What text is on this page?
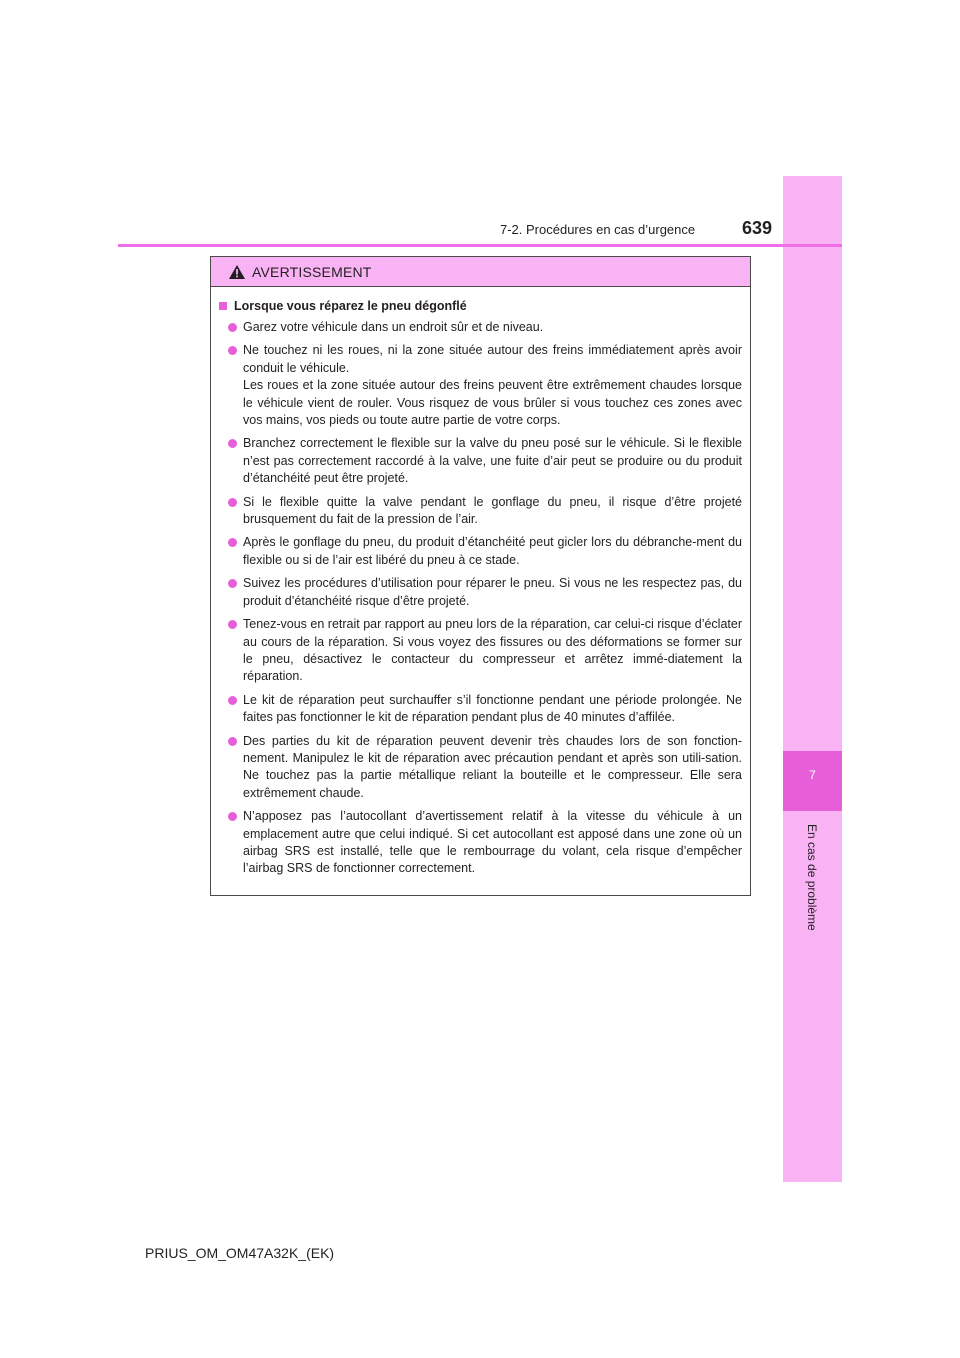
7
En cas de problème
7-2. Procédures en cas d’urgence	639
AVERTISSEMENT
Lorsque vous réparez le pneu dégonflé

Garez votre véhicule dans un endroit sûr et de niveau.

Ne touchez ni les roues, ni la zone située autour des freins immédiatement après avoir conduit le véhicule.

Les roues et la zone située autour des freins peuvent être extrêmement chaudes lorsque le véhicule vient de rouler. Vous risquez de vous brûler si vous touchez ces zones avec vos mains, vos pieds ou toute autre partie de votre corps.

Branchez correctement le flexible sur la valve du pneu posé sur le véhicule. Si le flexible n’est pas correctement raccordé à la valve, une fuite d’air peut se produire ou du produit d’étanchéité peut être projeté.

Si le flexible quitte la valve pendant le gonflage du pneu, il risque d’être projeté brusquement du fait de la pression de l’air.

Après le gonflage du pneu, du produit d’étanchéité peut gicler lors du débranche-ment du flexible ou si de l’air est libéré du pneu à ce stade.

Suivez les procédures d’utilisation pour réparer le pneu. Si vous ne les respectez pas, du produit d’étanchéité risque d’être projeté.

Tenez-vous en retrait par rapport au pneu lors de la réparation, car celui-ci risque d’éclater au cours de la réparation. Si vous voyez des fissures ou des déformations se former sur le pneu, désactivez le contacteur du compresseur et arrêtez immé-diatement la réparation.

Le kit de réparation peut surchauffer s’il fonctionne pendant une période prolongée. Ne faites pas fonctionner le kit de réparation pendant plus de 40 minutes d’affilée.

Des parties du kit de réparation peuvent devenir très chaudes lors de son fonction-nement. Manipulez le kit de réparation avec précaution pendant et après son utili-sation. Ne touchez pas la partie métallique reliant la bouteille et le compresseur. Elle sera extrêmement chaude.

N’apposez pas l’autocollant d’avertissement relatif à la vitesse du véhicule à un emplacement autre que celui indiqué. Si cet autocollant est apposé dans une zone où un airbag SRS est installé, telle que le rembourrage du volant, cela risque d’empêcher l’airbag SRS de fonctionner correctement.

PRIUS_OM_OM47A32K_(EK)
